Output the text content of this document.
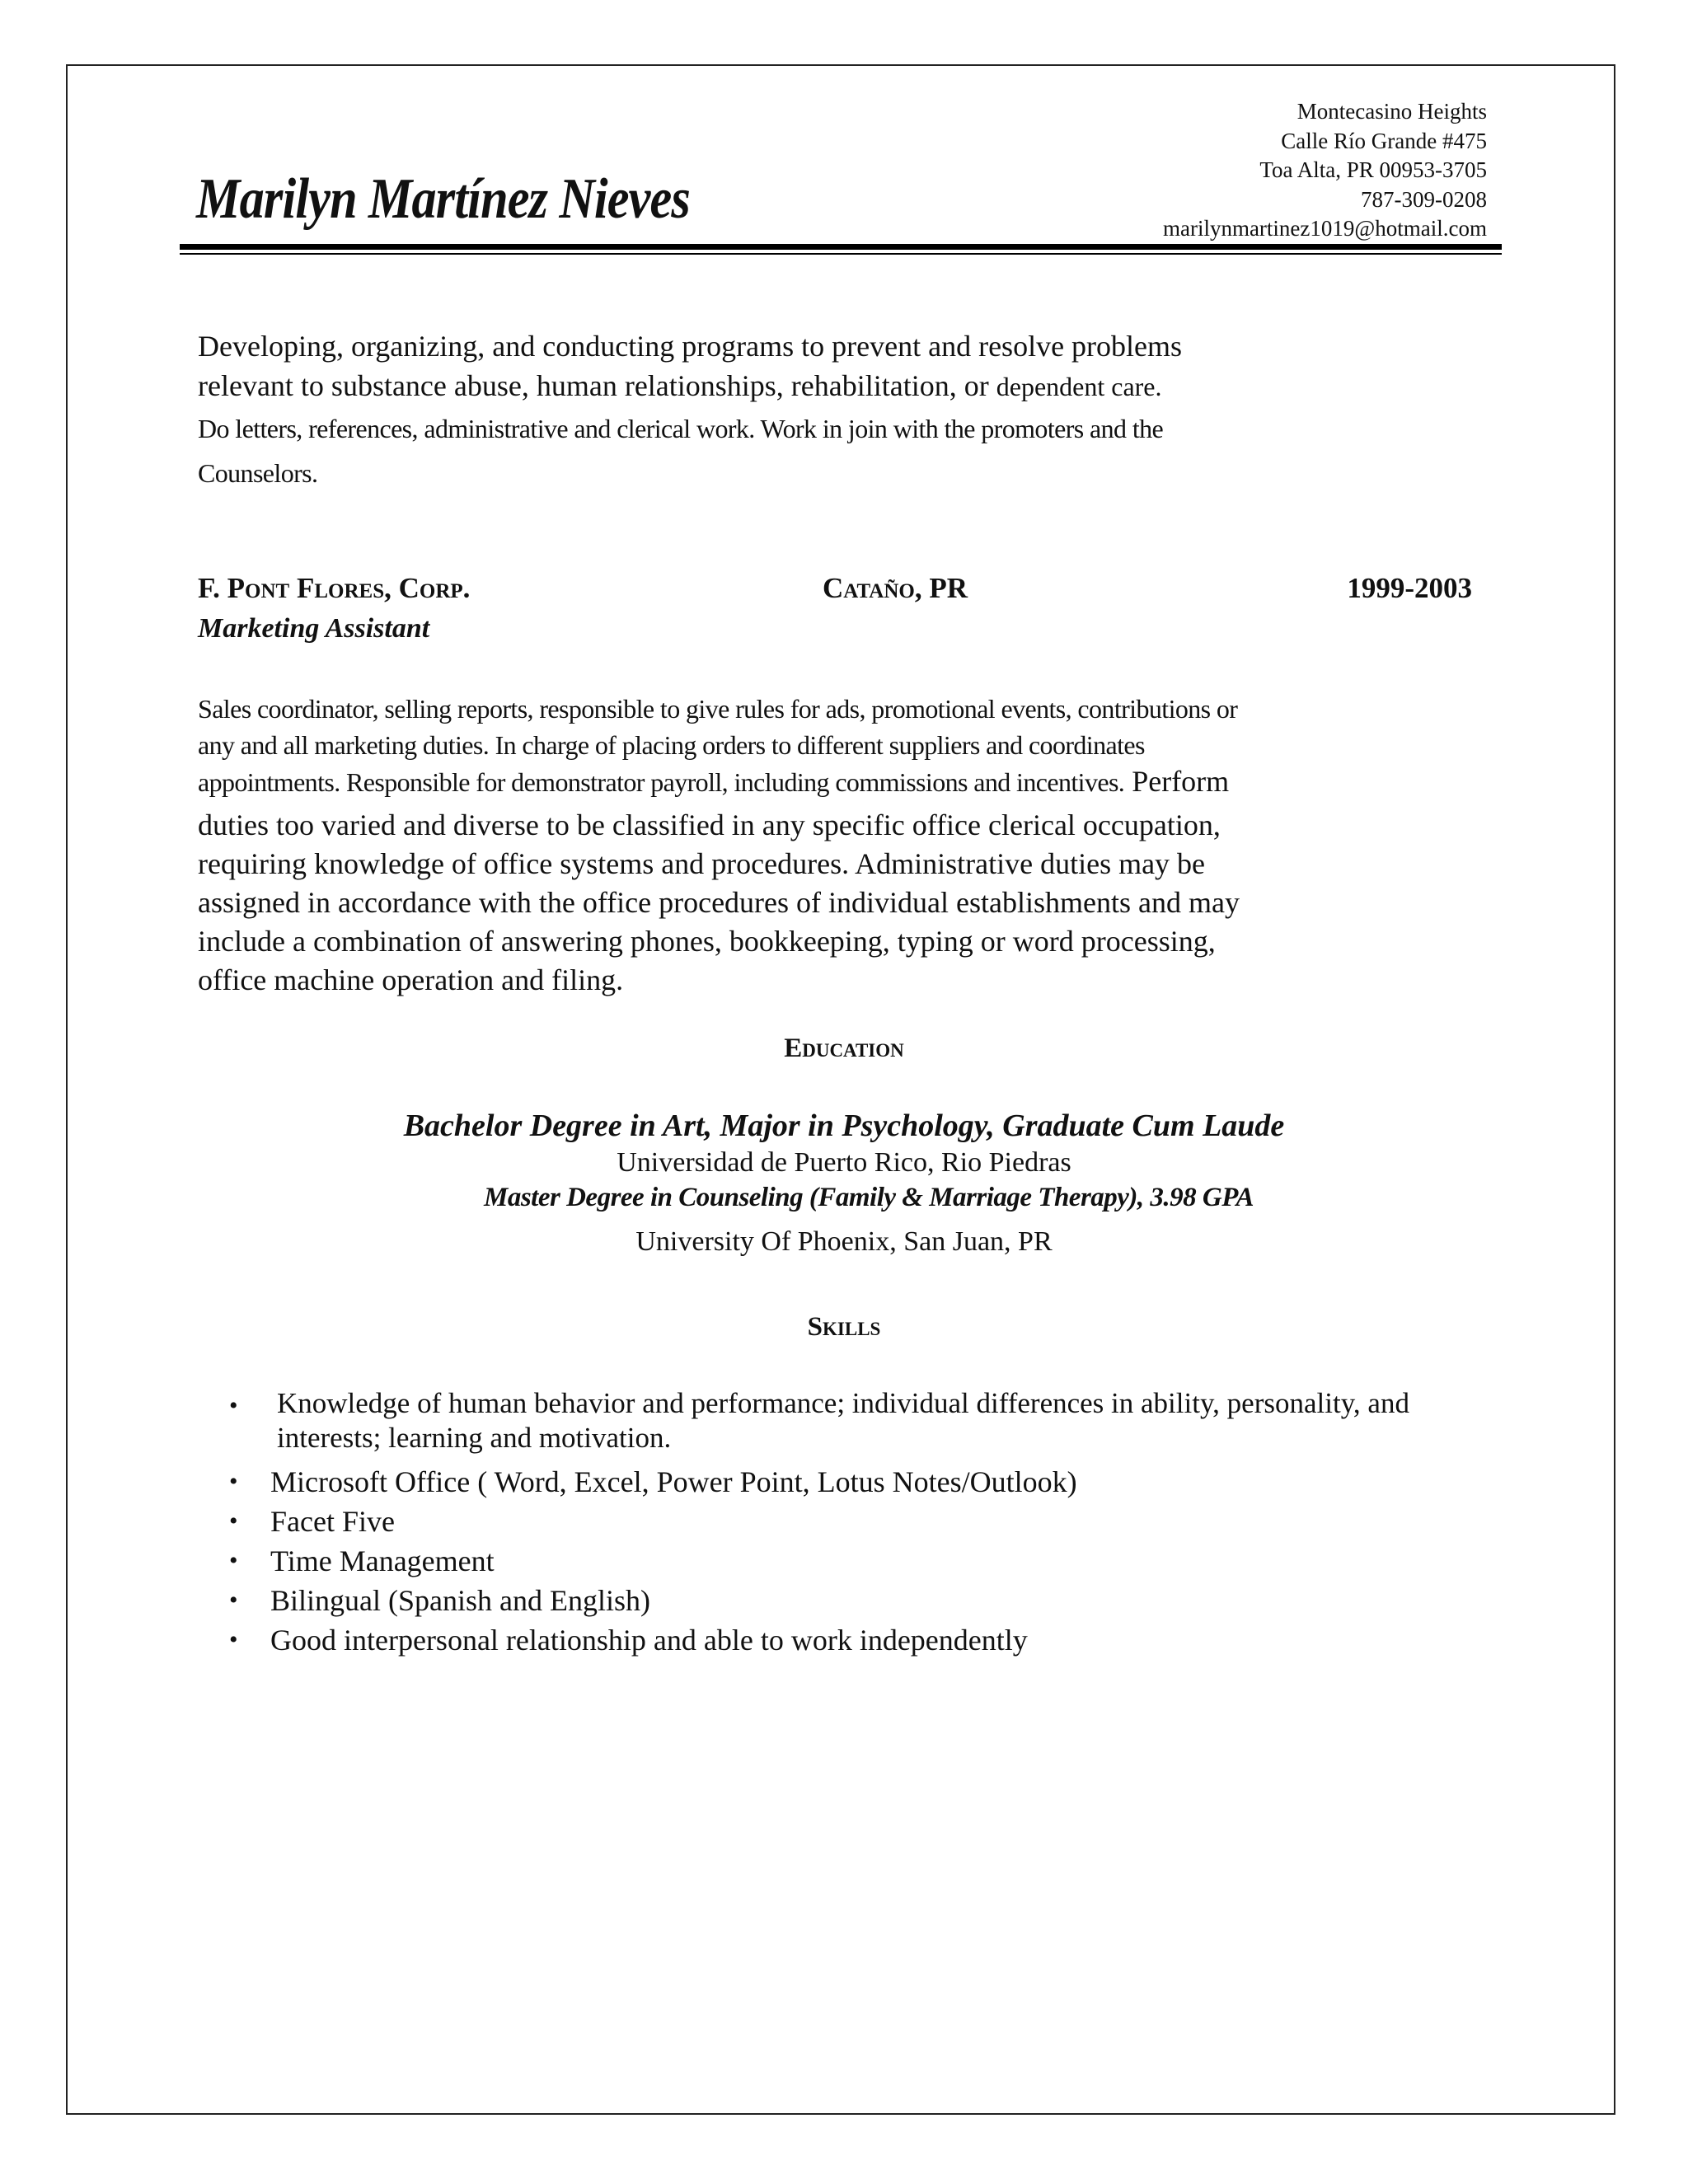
Marilyn Martínez Nieves
Montecasino Heights
Calle Río Grande #475
Toa Alta, PR 00953-3705
787-309-0208
marilynmartinez1019@hotmail.com
Developing, organizing, and conducting programs to prevent and resolve problems
relevant to substance abuse, human relationships, rehabilitation, or dependent care.
Do letters, references, administrative and clerical work. Work in join with the promoters and the
Counselors.
F. Pont Flores, Corp.	Cataño, PR	1999-2003
Marketing Assistant
Sales coordinator, selling reports, responsible to give rules for ads, promotional events, contributions or
any and all marketing duties. In charge of placing orders to different suppliers and coordinates
appointments. Responsible for demonstrator payroll, including commissions and incentives. Perform
duties too varied and diverse to be classified in any specific office clerical occupation,
requiring knowledge of office systems and procedures. Administrative duties may be
assigned in accordance with the office procedures of individual establishments and may
include a combination of answering phones, bookkeeping, typing or word processing,
office machine operation and filing.
Education
Bachelor Degree in Art, Major in Psychology, Graduate Cum Laude
Universidad de Puerto Rico, Rio Piedras
Master Degree in Counseling (Family & Marriage Therapy), 3.98 GPA
University Of Phoenix, San Juan, PR
Skills
• Knowledge of human behavior and performance; individual differences in ability, personality, and interests; learning and motivation.
• Microsoft Office ( Word, Excel, Power Point, Lotus Notes/Outlook)
• Facet Five
• Time Management
• Bilingual (Spanish and English)
• Good interpersonal relationship and able to work independently
